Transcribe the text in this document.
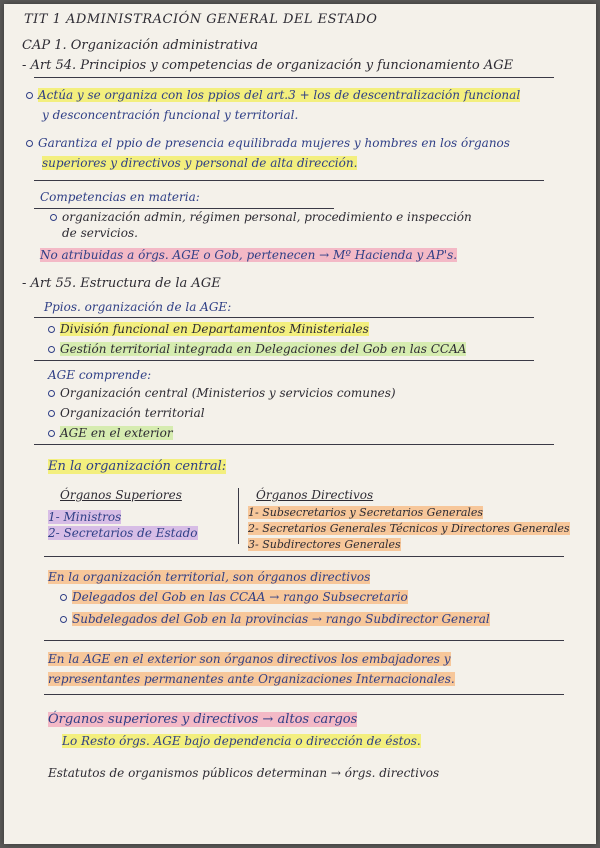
TIT 1 ADMINISTRACIÓN GENERAL DEL ESTADO
CAP 1. Organización administrativa
- Art 54. Principios y competencias de organización y funcionamiento AGE
Actúa y se organiza con los ppios del art.3 + los de descentralización funcional
y desconcentración funcional y territorial.
Garantiza el ppio de presencia equilibrada mujeres y hombres en los órganos
superiores y directivos y personal de alta dirección.
Competencias en materia:
organización admin, régimen personal, procedimiento e inspección
de servicios.
No atribuidas a órgs. AGE o Gob, pertenecen → Mº Hacienda y AP's.
- Art 55. Estructura de la AGE
Ppios. organización de la AGE:
División funcional en Departamentos Ministeriales
Gestión territorial integrada en Delegaciones del Gob en las CCAA
AGE comprende:
Organización central (Ministerios y servicios comunes)
Organización territorial
AGE en el exterior
En la organización central:
Órganos Superiores	Órganos Directivos
1- Ministros
2- Secretarios de Estado
1- Subsecretarios y Secretarios Generales
2- Secretarios Generales Técnicos y Directores Generales
3- Subdirectores Generales
En la organización territorial, son órganos directivos
Delegados del Gob en las CCAA → rango Subsecretario
Subdelegados del Gob en la provincias → rango Subdirector General
En la AGE en el exterior son órganos directivos los embajadores y
representantes permanentes ante Organizaciones Internacionales.
Órganos superiores y directivos → altos cargos
Lo Resto órgs. AGE bajo dependencia o dirección de éstos.
Estatutos de organismos públicos determinan → órgs. directivos
